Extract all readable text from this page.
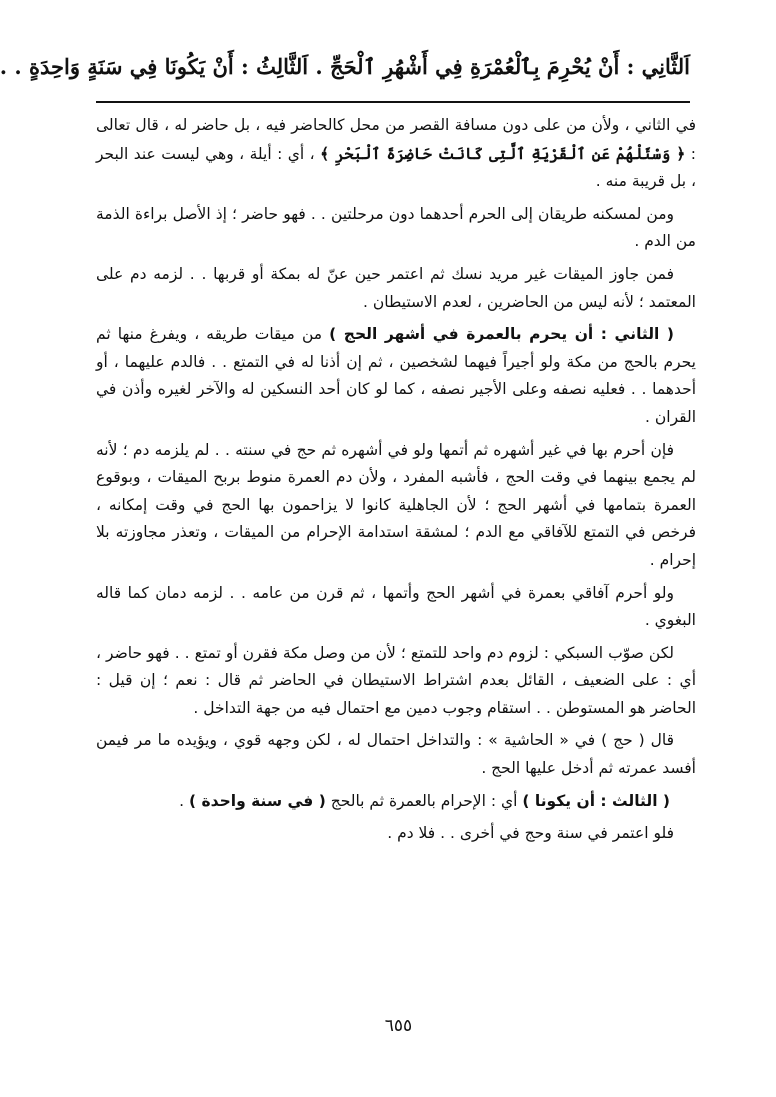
اَلثَّانِي : أَنْ يُحْرِمَ بِٱلْعُمْرَةِ فِي أَشْهُرِ ٱلْحَجِّ . اَلثَّالِثُ : أَنْ يَكُونَا فِي سَنَةٍ وَاحِدَةٍ . .

في الثاني ، ولأن من على دون مسافة القصر من محل كالحاضر فيه ، بل حاضر له ، قال تعالى : ﴿ وَسْئَلْهُمْ عَنِ ٱلْقَرْيَةِ ٱلَّتِى كَانَتْ حَاضِرَةَ ٱلْبَحْرِ ﴾ ، أي : أيلة ، وهي ليست عند البحر ، بل قريبة منه .

ومن لمسكنه طريقان إلى الحرم أحدهما دون مرحلتين . . فهو حاضر ؛ إذ الأصل براءة الذمة من الدم .

فمن جاوز الميقات غير مريد نسك ثم اعتمر حين عنّ له بمكة أو قربها . . لزمه دم على المعتمد ؛ لأنه ليس من الحاضرين ، لعدم الاستيطان .

( الثاني : أن يحرم بالعمرة في أشهر الحج ) من ميقات طريقه ، ويفرغ منها ثم يحرم بالحج من مكة ولو أجيراً فيهما لشخصين ، ثم إن أذنا له في التمتع . . فالدم عليهما ، أو أحدهما . . فعليه نصفه وعلى الأجير نصفه ، كما لو كان أحد النسكين له والآخر لغيره وأذن في القران .

فإن أحرم بها في غير أشهره ثم أتمها ولو في أشهره ثم حج في سنته . . لم يلزمه دم ؛ لأنه لم يجمع بينهما في وقت الحج ، فأشبه المفرد ، ولأن دم العمرة منوط بربح الميقات ، وبوقوع العمرة بتمامها في أشهر الحج ؛ لأن الجاهلية كانوا لا يزاحمون بها الحج في وقت إمكانه ، فرخص في التمتع للآفاقي مع الدم ؛ لمشقة استدامة الإحرام من الميقات ، وتعذر مجاوزته بلا إحرام .

ولو أحرم آفاقي بعمرة في أشهر الحج وأتمها ، ثم قرن من عامه . . لزمه دمان كما قاله البغوي .

لكن صوّب السبكي : لزوم دم واحد للتمتع ؛ لأن من وصل مكة فقرن أو تمتع . . فهو حاضر ، أي : على الضعيف ، القائل بعدم اشتراط الاستيطان في الحاضر ثم قال : نعم ؛ إن قيل : الحاضر هو المستوطن . . استقام وجوب دمين مع احتمال فيه من جهة التداخل .

قال ( حج ) في « الحاشية » : والتداخل احتمال له ، لكن وجهه قوي ، ويؤيده ما مر فيمن أفسد عمرته ثم أدخل عليها الحج .

( الثالث : أن يكونا ) أي : الإحرام بالعمرة ثم بالحج ( في سنة واحدة ) .

فلو اعتمر في سنة وحج في أخرى . . فلا دم .

٦٥٥
